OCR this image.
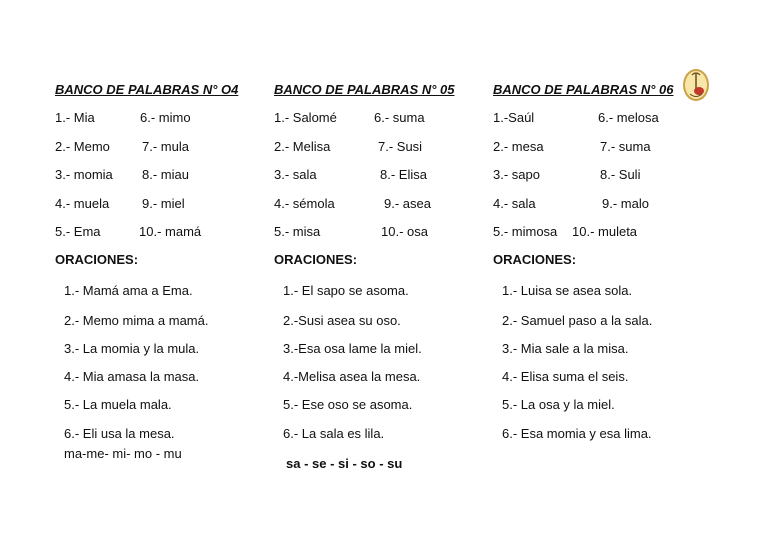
BANCO DE PALABRAS N° O4
1.- Mia
2.- Memo
3.- momia
4.- muela
5.- Ema
6.- mimo
7.- mula
8.- miau
9.- miel
10.- mamá
ORACIONES:
1.- Mamá ama a Ema.
2.- Memo mima a mamá.
3.- La momia y la mula.
4.- Mia amasa la masa.
5.- La muela mala.
6.- Eli usa la mesa.
ma-me- mi- mo - mu
BANCO DE PALABRAS N° 05
1.- Salomé
2.- Melisa
3.- sala
4.- sémola
5.- misa
6.- suma
7.- Susi
8.- Elisa
9.- asea
10.- osa
ORACIONES:
1.- El sapo se asoma.
2.-Susi asea su oso.
3.-Esa osa lame la miel.
4.-Melisa asea la mesa.
5.- Ese oso se asoma.
6.- La sala es lila.
sa - se - si - so - su
BANCO DE PALABRAS N° 06
1.-Saúl
2.- mesa
3.- sapo
4.- sala
5.- mimosa
6.- melosa
7.- suma
8.- Suli
9.- malo
10.- muleta
ORACIONES:
1.- Luisa se asea sola.
2.- Samuel paso a la sala.
3.- Mia sale a la misa.
4.- Elisa suma el seis.
5.- La osa y la miel.
6.- Esa momia y esa lima.
